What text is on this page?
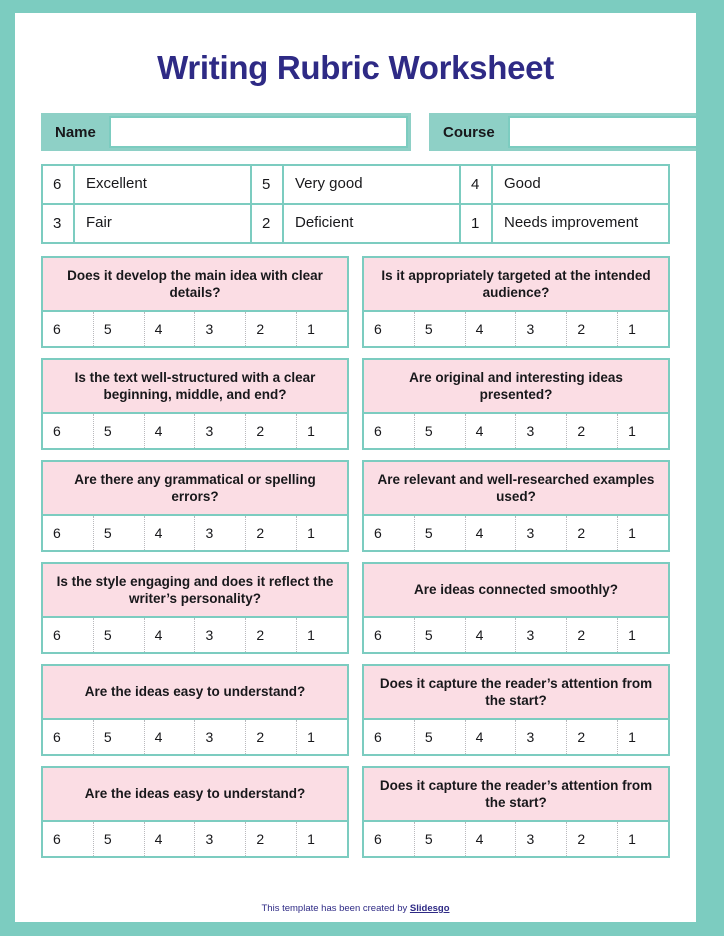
Writing Rubric Worksheet
Name	Course
6	Excellent	5	Very good	4	Good
3	Fair	2	Deficient	1	Needs improvement
Does it develop the main idea with clear details?
6	5	4	3	2	1
Is it appropriately targeted at the intended audience?
6	5	4	3	2	1
Is the text well-structured with a clear beginning, middle, and end?
6	5	4	3	2	1
Are original and interesting ideas presented?
6	5	4	3	2	1
Are there any grammatical or spelling errors?
6	5	4	3	2	1
Are relevant and well-researched examples used?
6	5	4	3	2	1
Is the style engaging and does it reflect the writer’s personality?
6	5	4	3	2	1
Are ideas connected smoothly?
6	5	4	3	2	1
Are the ideas easy to understand?
6	5	4	3	2	1
Does it capture the reader’s attention from the start?
6	5	4	3	2	1
Are the ideas easy to understand?
6	5	4	3	2	1
Does it capture the reader’s attention from the start?
6	5	4	3	2	1
This template has been created by Slidesgo
